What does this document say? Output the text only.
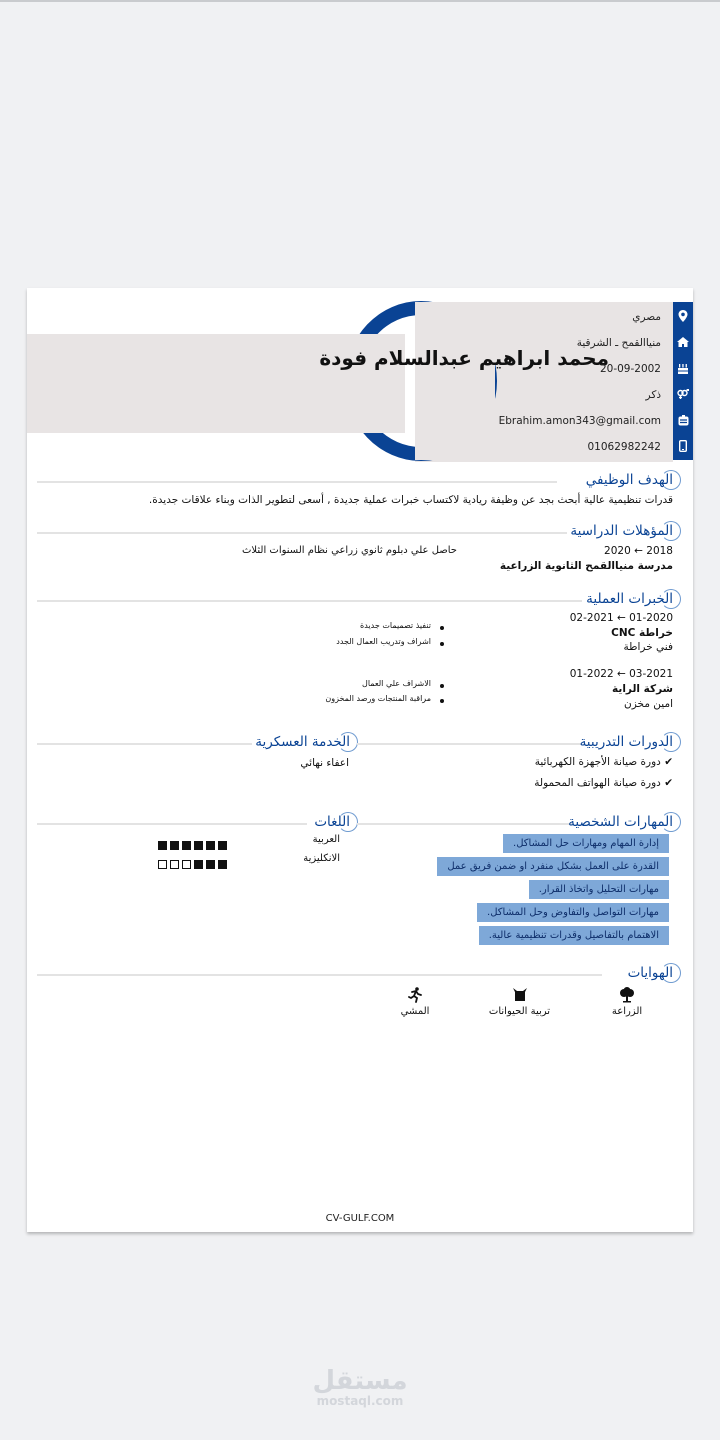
محمد ابراهيم عبدالسلام فودة
مصري
منياالقمح ـ الشرقية
20-09-2002
ذكر
Ebrahim.amon343@gmail.com
01062982242
الهدف الوظيفي
قدرات تنظيمية عالية أبحث بجد عن وظيفة ريادية لاكتساب خبرات عملية جديدة , أسعى لتطوير الذات وبناء علاقات جديدة.
المؤهلات الدراسية
2020 ← 2018
مدرسة منياالقمح الثانوية الزراعية
حاصل علي دبلوم ثانوي زراعي نظام السنوات الثلاث
الخبرات العملية
02-2021 ← 01-2020
خراطة CNC
فني خراطة
تنفيذ تصميمات جديدة
اشراف وتدريب العمال الجدد
01-2022 ← 03-2021
شركة الراية
امين مخزن
الاشراف علي العمال
مراقبة المنتجات ورصد المخزون
الخدمة العسكرية
اعفاء نهائي
الدورات التدريبية
✔ دورة صيانة الأجهزة الكهربائية
✔ دورة صيانة الهواتف المحمولة
اللغات	المهارات الشخصية
إدارة المهام ومهارات حل المشاكل.
القدرة على العمل بشكل منفرد او ضمن فريق عمل
مهارات التحليل واتخاذ القرار.
مهارات التواصل والتفاوض وحل المشاكل.
الاهتمام بالتفاصيل وقدرات تنظيمية عالية.
العربية
الانكليزية
الهوايات
الزراعة
تربية الحيوانات
المشي
CV-GULF.COM
مستقل
mostaql.com
